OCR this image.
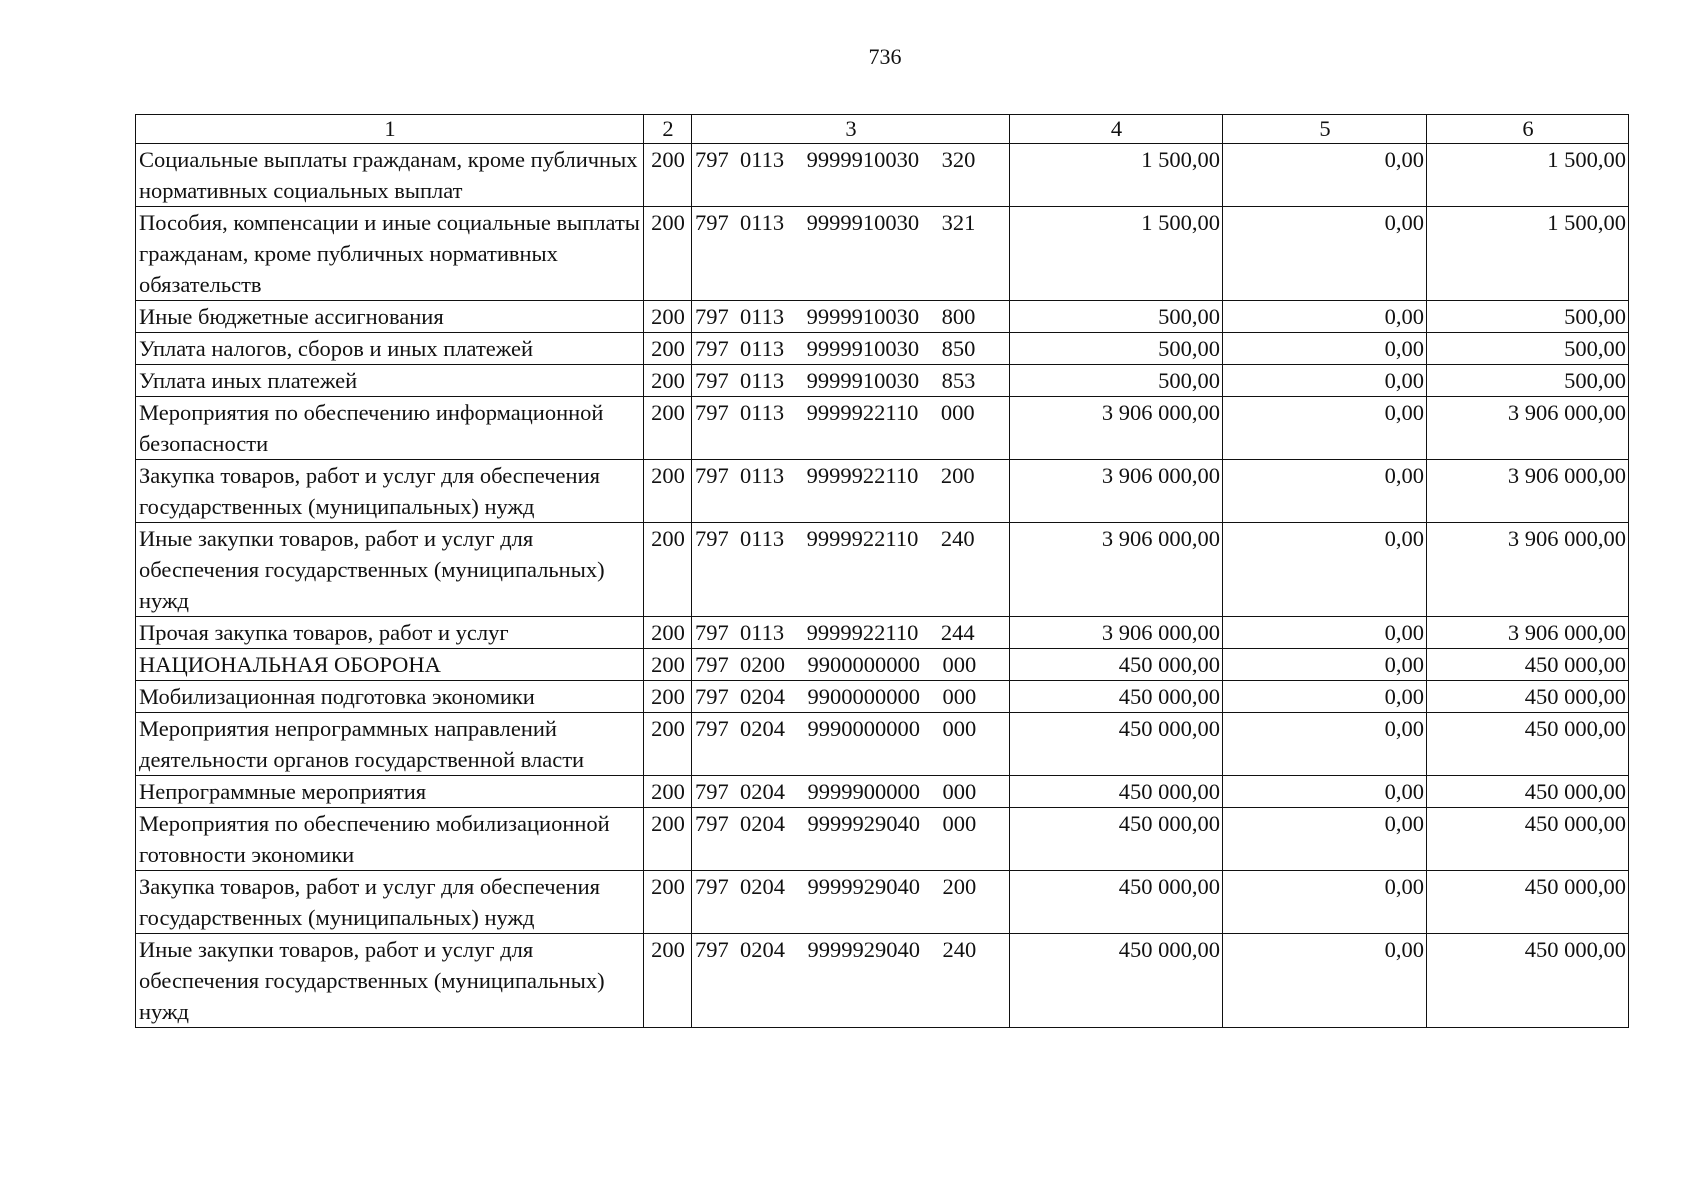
736
1	2	3	4	5	6
Социальные выплаты гражданам, кроме публичных нормативных социальных выплат	200	797 0113 9999910030 320	1 500,00	0,00	1 500,00
Пособия, компенсации и иные социальные выплаты гражданам, кроме публичных нормативных обязательств	200	797 0113 9999910030 321	1 500,00	0,00	1 500,00
Иные бюджетные ассигнования	200	797 0113 9999910030 800	500,00	0,00	500,00
Уплата налогов, сборов и иных платежей	200	797 0113 9999910030 850	500,00	0,00	500,00
Уплата иных платежей	200	797 0113 9999910030 853	500,00	0,00	500,00
Мероприятия по обеспечению информационной безопасности	200	797 0113 9999922110 000	3 906 000,00	0,00	3 906 000,00
Закупка товаров, работ и услуг для обеспечения государственных (муниципальных) нужд	200	797 0113 9999922110 200	3 906 000,00	0,00	3 906 000,00
Иные закупки товаров, работ и услуг для обеспечения государственных (муниципальных) нужд	200	797 0113 9999922110 240	3 906 000,00	0,00	3 906 000,00
Прочая закупка товаров, работ и услуг	200	797 0113 9999922110 244	3 906 000,00	0,00	3 906 000,00
НАЦИОНАЛЬНАЯ ОБОРОНА	200	797 0200 9900000000 000	450 000,00	0,00	450 000,00
Мобилизационная подготовка экономики	200	797 0204 9900000000 000	450 000,00	0,00	450 000,00
Мероприятия непрограммных направлений деятельности органов государственной власти	200	797 0204 9990000000 000	450 000,00	0,00	450 000,00
Непрограммные мероприятия	200	797 0204 9999900000 000	450 000,00	0,00	450 000,00
Мероприятия по обеспечению мобилизационной готовности экономики	200	797 0204 9999929040 000	450 000,00	0,00	450 000,00
Закупка товаров, работ и услуг для обеспечения государственных (муниципальных) нужд	200	797 0204 9999929040 200	450 000,00	0,00	450 000,00
Иные закупки товаров, работ и услуг для обеспечения государственных (муниципальных) нужд	200	797 0204 9999929040 240	450 000,00	0,00	450 000,00
